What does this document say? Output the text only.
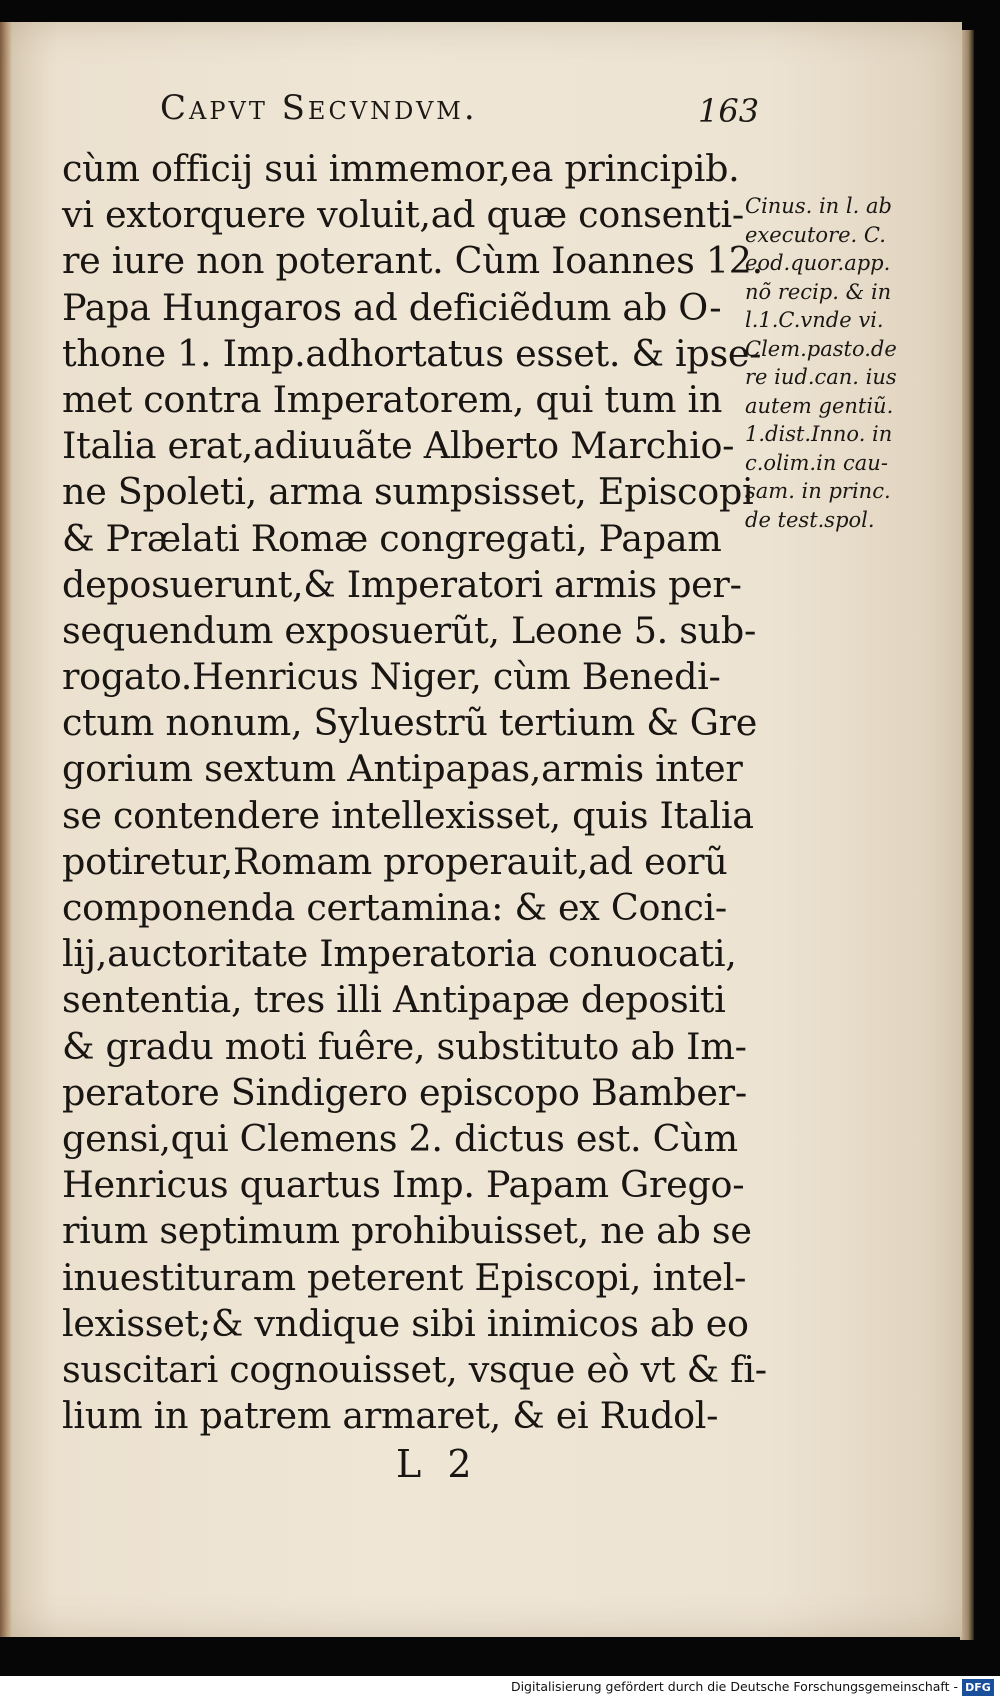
Capvt Secvndvm.	163
cùm officij sui immemor,ea principib.
vi extorquere voluit,ad quæ consenti-
re iure non poterant. Cùm Ioannes 12.
Papa Hungaros ad deficiẽdum ab O-
thone 1. Imp.adhortatus esset. & ipse-
met contra Imperatorem, qui tum in
Italia erat,adiuuãte Alberto Marchio-
ne Spoleti, arma sumpsisset, Episcopi
& Prælati Romæ congregati, Papam
deposuerunt,& Imperatori armis per-
sequendum exposuerũt, Leone 5. sub-
rogato.Henricus Niger, cùm Benedi-
ctum nonum, Syluestrũ tertium & Gre
gorium sextum Antipapas,armis inter
se contendere intellexisset, quis Italia
potiretur,Romam properauit,ad eorũ
componenda certamina: & ex Conci-
lij,auctoritate Imperatoria conuocati,
sententia, tres illi Antipapæ depositi
& gradu moti fuêre, substituto ab Im-
peratore Sindigero episcopo Bamber-
gensi,qui Clemens 2. dictus est. Cùm
Henricus quartus Imp. Papam Grego-
rium septimum prohibuisset, ne ab se
inuestituram peterent Episcopi, intel-
lexisset;& vndique sibi inimicos ab eo
suscitari cognouisset, vsque eò vt & fi-
lium in patrem armaret, & ei Rudol-
Cinus. in l. ab
executore. C.
eod.quor.app.
nõ recip. & in
l.1.C.vnde vi.
Clem.pasto.de
re iud.can. ius
autem gentiũ.
1.dist.Inno. in
c.olim.in cau-
sam. in princ.
de test.spol.
L 2
Digitalisierung gefördert durch die Deutsche Forschungsgemeinschaft - DFG
